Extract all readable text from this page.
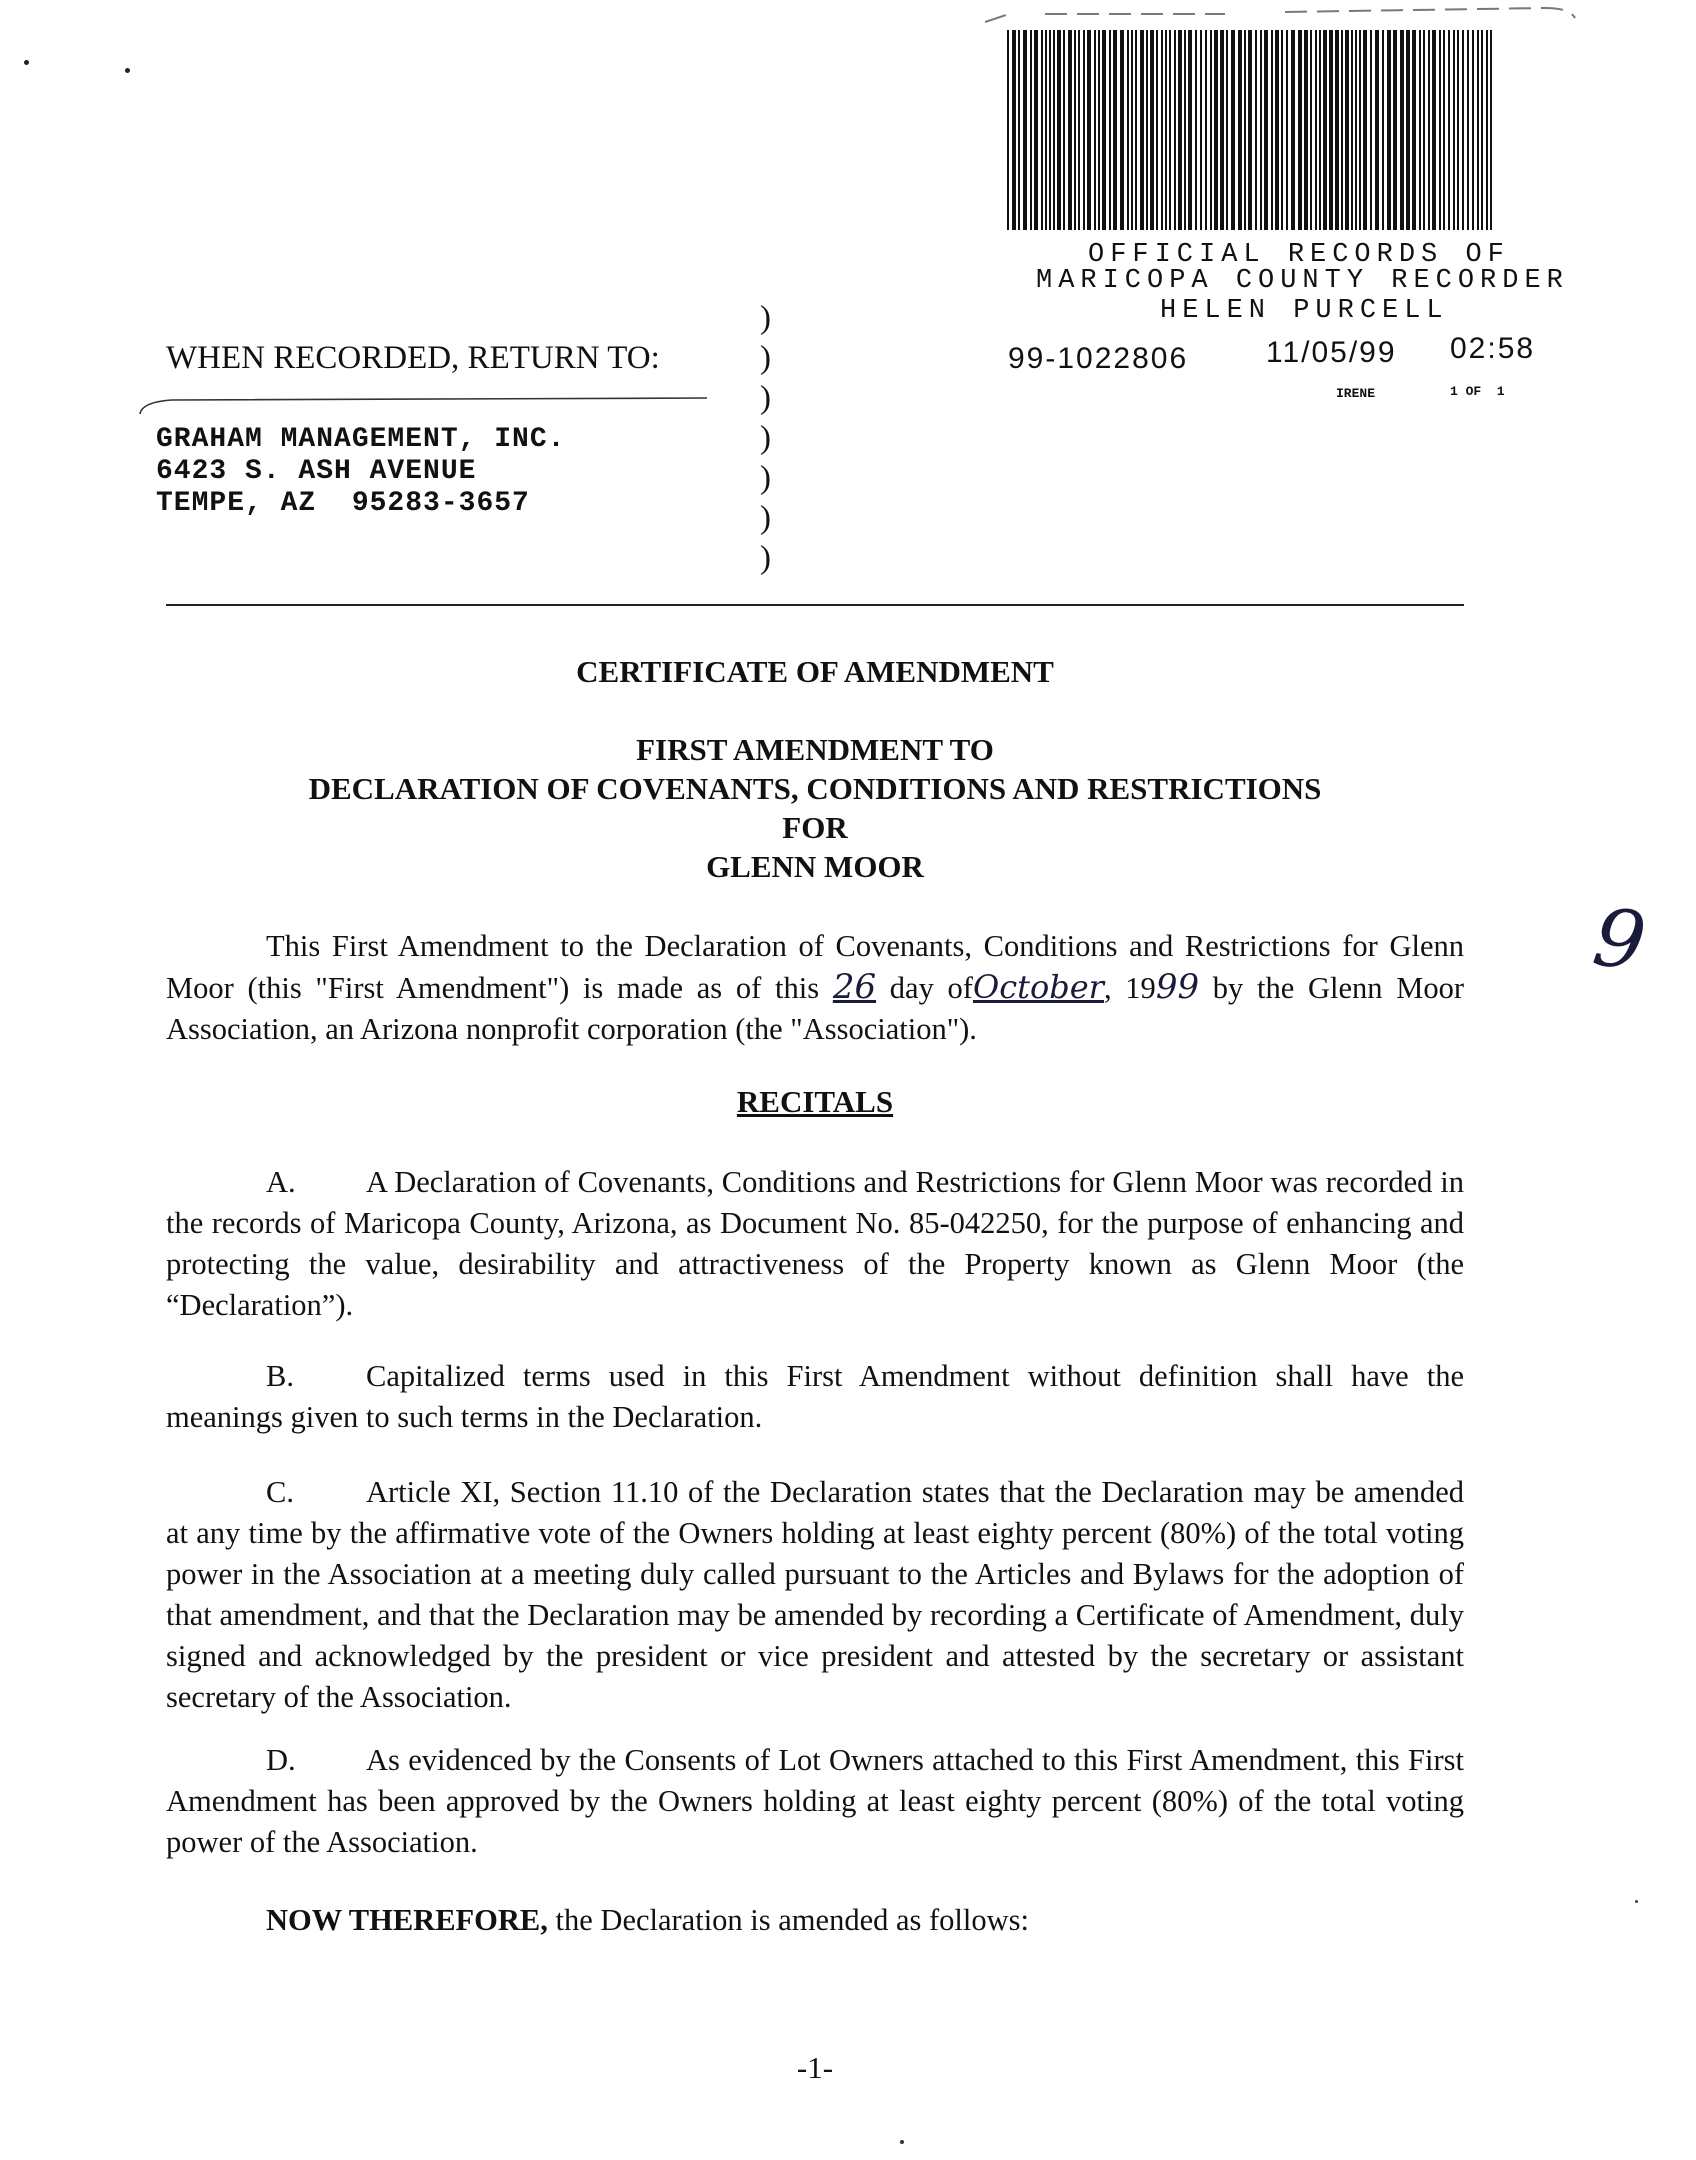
OFFICIAL RECORDS OF
MARICOPA COUNTY RECORDER
HELEN PURCELL
99-1022806	11/05/99 02:58
IRENE	1 OF  1
WHEN RECORDED, RETURN TO:
GRAHAM MANAGEMENT, INC.
6423 S. ASH AVENUE
TEMPE, AZ  95283-3657
)
)
)
)
)
)
)
CERTIFICATE OF AMENDMENT
FIRST AMENDMENT TO
DECLARATION OF COVENANTS, CONDITIONS AND RESTRICTIONS
FOR
GLENN MOOR
This First Amendment to the Declaration of Covenants, Conditions and Restrictions for Glenn Moor (this "First Amendment") is made as of this 26 day ofOctober, 1999 by the Glenn Moor Association, an Arizona nonprofit corporation (the "Association").
9
RECITALS
A. A Declaration of Covenants, Conditions and Restrictions for Glenn Moor was recorded in the records of Maricopa County, Arizona, as Document No. 85-042250, for the purpose of enhancing and protecting the value, desirability and attractiveness of the Property known as Glenn Moor (the “Declaration”).
B. Capitalized terms used in this First Amendment without definition shall have the meanings given to such terms in the Declaration.
C. Article XI, Section 11.10 of the Declaration states that the Declaration may be amended at any time by the affirmative vote of the Owners holding at least eighty percent (80%) of the total voting power in the Association at a meeting duly called pursuant to the Articles and Bylaws for the adoption of that amendment, and that the Declaration may be amended by recording a Certificate of Amendment, duly signed and acknowledged by the president or vice president and attested by the secretary or assistant secretary of the Association.
D. As evidenced by the Consents of Lot Owners attached to this First Amendment, this First Amendment has been approved by the Owners holding at least eighty percent (80%) of the total voting power of the Association.
NOW THEREFORE, the Declaration is amended as follows:
-1-
